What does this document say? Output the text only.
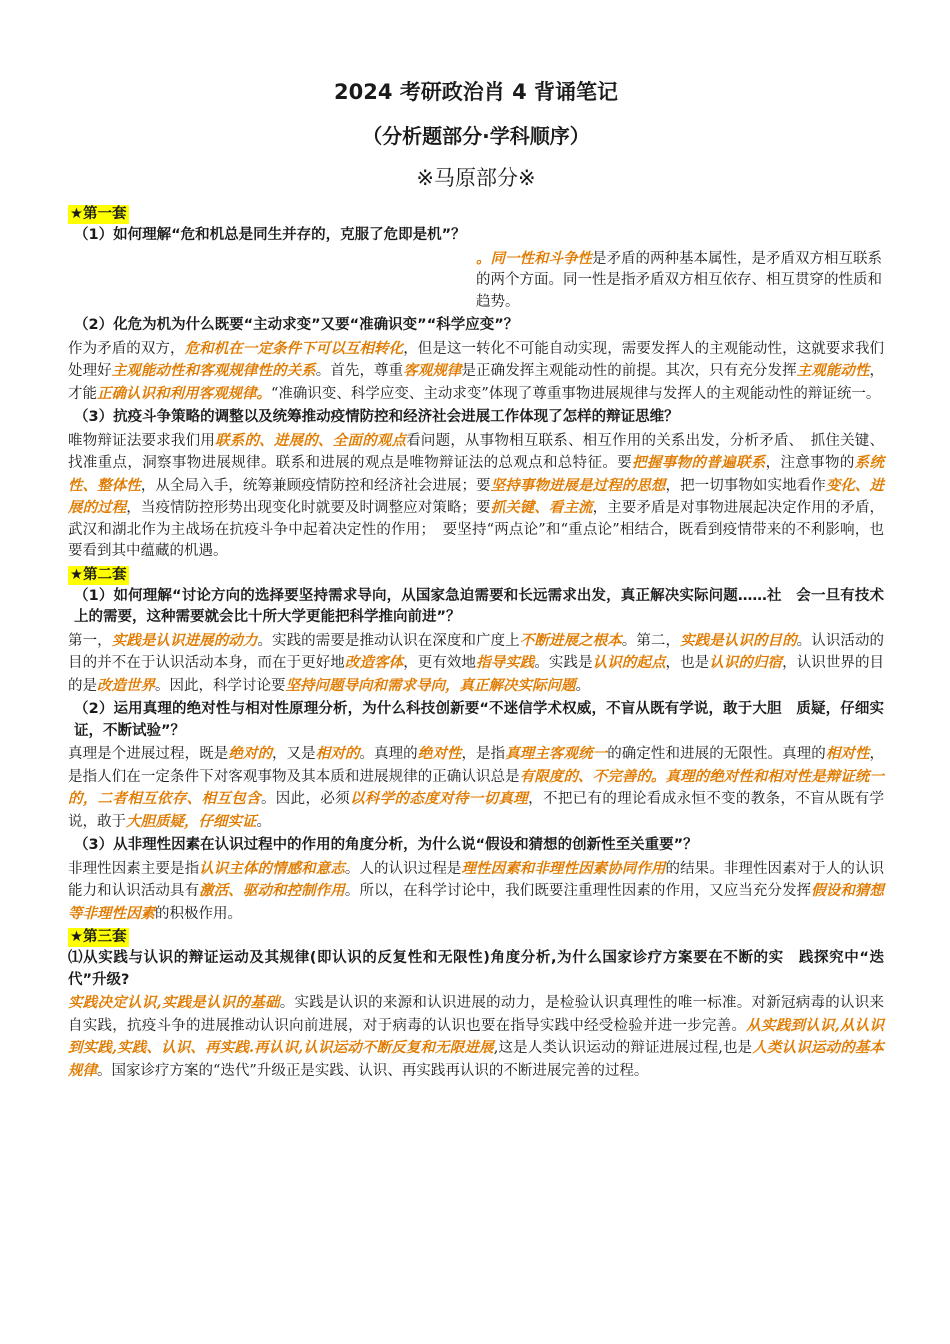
2024 考研政治肖 4 背诵笔记
（分析题部分·学科顺序）
※马原部分※
★第一套

（1）如何理解“危和机总是同生并存的，克服了危即是机”？

。同一性和斗争性是矛盾的两种基本属性，是矛盾双方相互联系的两个方面。同一性是指矛盾双方相互依存、相互贯穿的性质和趋势。

（2）化危为机为什么既要“主动求变”又要“准确识变”“科学应变”？

作为矛盾的双方，危和机在一定条件下可以互相转化，但是这一转化不可能自动实现，需要发挥人的主观能动性，这就要求我们处理好主观能动性和客观规律性的关系。首先，尊重客观规律是正确发挥主观能动性的前提。其次，只有充分发挥主观能动性，才能正确认识和利用客观规律。“准确识变、科学应变、主动求变”体现了尊重事物进展规律与发挥人的主观能动性的辩证统一。

（3）抗疫斗争策略的调整以及统筹推动疫情防控和经济社会进展工作体现了怎样的辩证思维？

唯物辩证法要求我们用联系的、进展的、全面的观点看问题，从事物相互联系、相互作用的关系出发，分析矛盾、　抓住关键、找准重点，洞察事物进展规律。联系和进展的观点是唯物辩证法的总观点和总特征。要把握事物的普遍联系，注意事物的系统性、整体性，从全局入手，统筹兼顾疫情防控和经济社会进展；要坚持事物进展是过程的思想，把一切事物如实地看作变化、进展的过程，当疫情防控形势出现变化时就要及时调整应对策略；要抓关键、看主流，主要矛盾是对事物进展起决定作用的矛盾，武汉和湖北作为主战场在抗疫斗争中起着决定性的作用；　要坚持“两点论”和“重点论”相结合，既看到疫情带来的不利影响，也要看到其中蕴藏的机遇。

★第二套

（1）如何理解“讨论方向的选择要坚持需求导向，从国家急迫需要和长远需求出发，真正解决实际问题……社　会一旦有技术上的需要，这种需要就会比十所大学更能把科学推向前进”？

第一，实践是认识进展的动力。实践的需要是推动认识在深度和广度上不断进展之根本。第二，实践是认识的目的。认识活动的目的并不在于认识活动本身，而在于更好地改造客体，更有效地指导实践。实践是认识的起点，也是认识的归宿，认识世界的目的是改造世界。因此，科学讨论要坚持问题导向和需求导向，真正解决实际问题。

（2）运用真理的绝对性与相对性原理分析，为什么科技创新要“不迷信学术权威，不盲从既有学说，敢于大胆　质疑，仔细实证，不断试验”？

真理是个进展过程，既是绝对的，又是相对的。真理的绝对性，是指真理主客观统一的确定性和进展的无限性。真理的相对性，是指人们在一定条件下对客观事物及其本质和进展规律的正确认识总是有限度的、不完善的。真理的绝对性和相对性是辩证统一的，二者相互依存、相互包含。因此，必须以科学的态度对待一切真理，不把已有的理论看成永恒不变的教条，不盲从既有学说，敢于大胆质疑，仔细实证。

（3）从非理性因素在认识过程中的作用的角度分析，为什么说“假设和猜想的创新性至关重要”？

非理性因素主要是指认识主体的情感和意志。人的认识过程是理性因素和非理性因素协同作用的结果。非理性因素对于人的认识能力和认识活动具有激活、驱动和控制作用。所以，在科学讨论中，我们既要注重理性因素的作用，又应当充分发挥假设和猜想等非理性因素的积极作用。

★第三套

⑴从实践与认识的辩证运动及其规律(即认识的反复性和无限性)角度分析,为什么国家诊疗方案要在不断的实　践探究中“迭代”升级?

实践决定认识,实践是认识的基础。实践是认识的来源和认识进展的动力，是检验认识真理性的唯一标准。对新冠病毒的认识来自实践，抗疫斗争的进展推动认识向前进展，对于病毒的认识也要在指导实践中经受检验并进一步完善。从实践到认识,从认识到实践,实践、认识、再实践.再认识,认识运动不断反复和无限进展,这是人类认识运动的辩证进展过程,也是人类认识运动的基本规律。国家诊疗方案的“迭代”升级正是实践、认识、再实践再认识的不断进展完善的过程。
